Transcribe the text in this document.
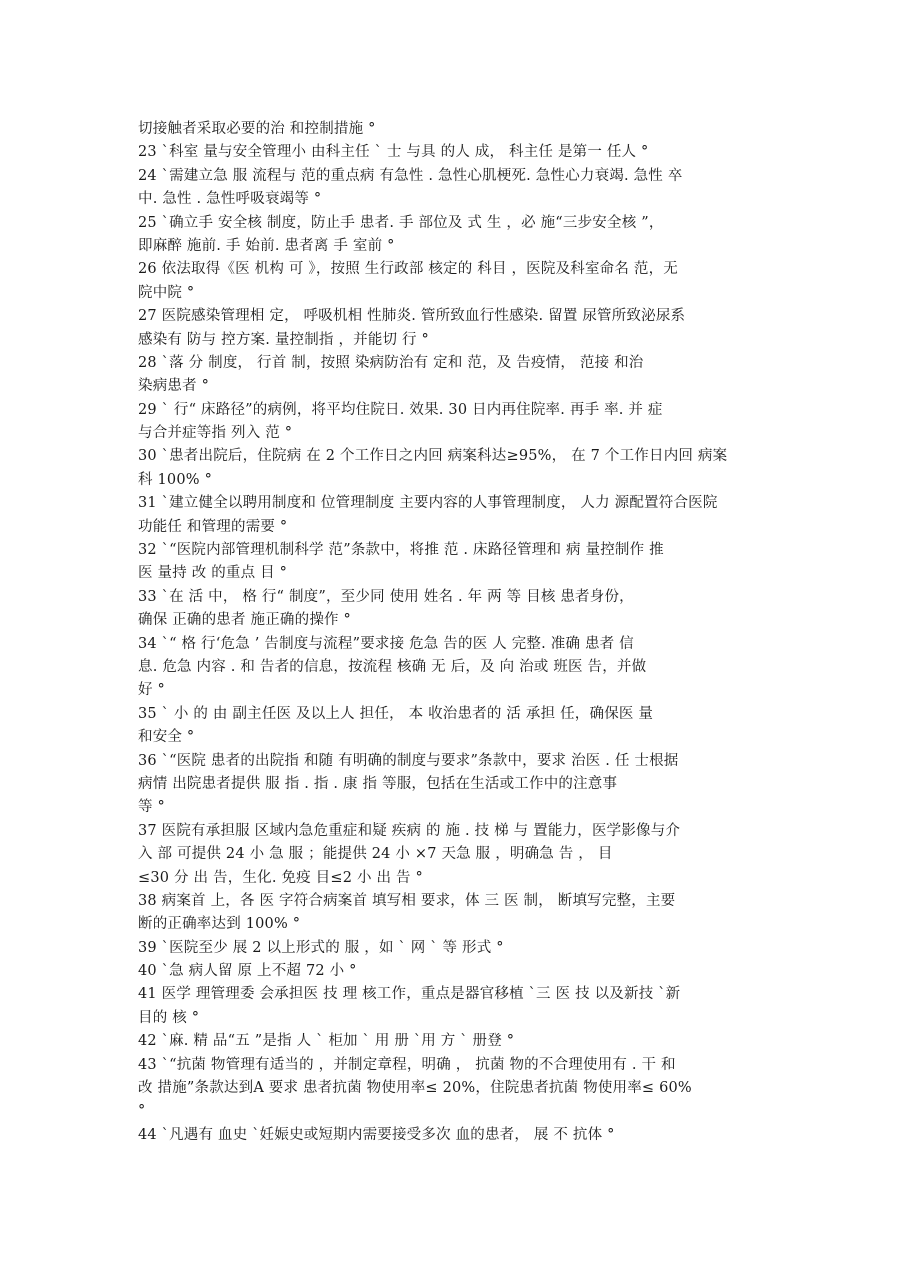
切接触者采取必要的治 和控制措施 °
23 `科室 量与安全管理小 由科主任 ` 士 与具 的人 成， 科主任 是第一 任人 °
24 `需建立急 服 流程与 范的重点病 有急性 . 急性心肌梗死. 急性心力衰竭. 急性 卒
中. 急性 . 急性呼吸衰竭等 °
25 `确立手 安全核 制度，防止手 患者. 手 部位及 式 生 ，必 施“三步安全核 ”，
即麻醉 施前. 手 始前. 患者离 手 室前 °
26 依法取得《医 机构 可 》，按照 生行政部 核定的 科目 ，医院及科室命名 范，无
院中院 °
27 医院感染管理相 定， 呼吸机相 性肺炎. 管所致血行性感染. 留置 尿管所致泌尿系
感染有 防与 控方案. 量控制指 ，并能切 行 °
28 `落 分 制度， 行首 制，按照 染病防治有 定和 范，及 告疫情， 范接 和治
染病患者 °
29 ` 行“ 床路径”的病例，将平均住院日. 效果. 30 日内再住院率. 再手 率. 并 症
与合并症等指 列入 范 °
30 `患者出院后，住院病 在 2 个工作日之内回 病案科达≥95%， 在 7 个工作日内回 病案
科 100% °
31 `建立健全以聘用制度和 位管理制度 主要内容的人事管理制度， 人力 源配置符合医院
功能任 和管理的需要 °
32 `“医院内部管理机制科学 范”条款中，将推 范 . 床路径管理和 病 量控制作 推
医 量持 改 的重点 目 °
33 `在 活 中， 格 行“ 制度”，至少同 使用 姓名 . 年 两 等 目核 患者身份，
确保 正确的患者 施正确的操作 °
34 `“ 格 行‘危急 ’ 告制度与流程”要求接 危急 告的医 人 完整. 准确 患者 信
息. 危急 内容 . 和 告者的信息，按流程 核确 无 后，及 向 治或 班医 告，并做
好 °
35 ` 小 的 由 副主任医 及以上人 担任， 本 收治患者的 活 承担 任，确保医 量
和安全 °
36 `“医院 患者的出院指 和随 有明确的制度与要求”条款中，要求 治医 . 任 士根据
病情 出院患者提供 服 指 . 指 . 康 指 等服，包括在生活或工作中的注意事
等 °
37 医院有承担服 区域内急危重症和疑 疾病 的 施 . 技 梯 与 置能力，医学影像与介
入 部 可提供 24 小 急 服 ；能提供 24 小 ×7 天急 服 ，明确急 告 ， 目
≤30 分 出 告，生化. 免疫 目≤2 小 出 告 °
38 病案首 上，各 医 字符合病案首 填写相 要求，体 三 医 制， 断填写完整，主要
断的正确率达到 100% °
39 `医院至少 展 2 以上形式的 服 ，如 ` 网 ` 等 形式 °
40 `急 病人留 原 上不超 72 小 °
41 医学 理管理委 会承担医 技 理 核工作，重点是器官移植 `三 医 技 以及新技 `新
目的 核 °
42 `麻. 精 品“五 ”是指 人 ` 柜加 ` 用 册 `用 方 ` 册登 °
43 `“抗菌 物管理有适当的 ，并制定章程，明确 ， 抗菌 物的不合理使用有 . 干 和
改 措施”条款达到A 要求 患者抗菌 物使用率≤ 20%，住院患者抗菌 物使用率≤ 60%
°
44 `凡遇有 血史 `妊娠史或短期内需要接受多次 血的患者， 展 不 抗体 °
